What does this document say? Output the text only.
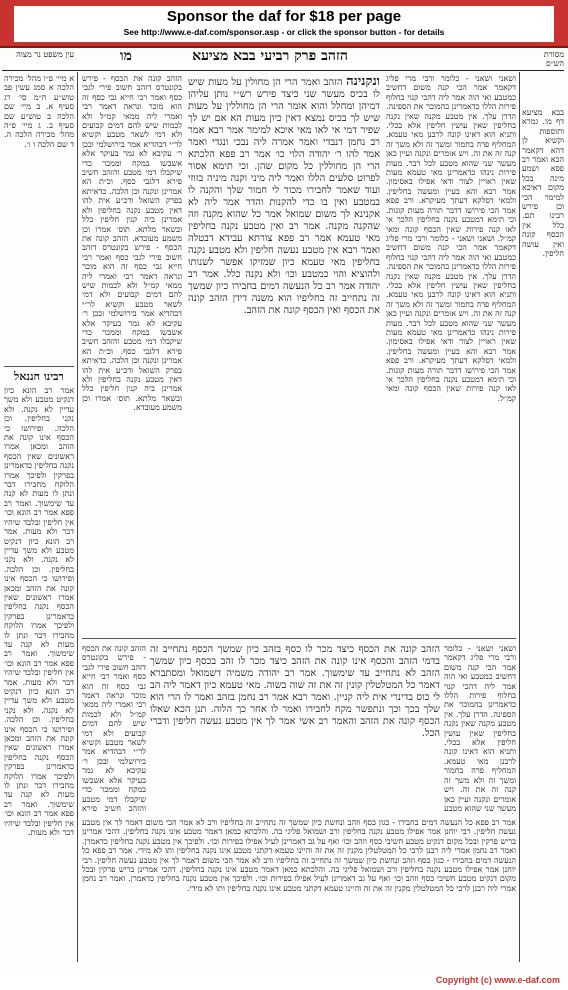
Sponsor the daf for $18 per page
See http://www.e-daf.com/sponsor.asp - or click the sponsor button - for details
עין משפט נר מצוה	מו	הזהב פרק רביעי בבא מציעא	מסורת הש״ס
א מיי׳ פ״ו מהל׳ מכירה הלכה א סמג עשין פב טוש״ע ח״מ סי׳ רג סעיף א. ב מיי׳ שם הלכה ב טוש״ע שם סעיף ב. ג מיי׳ פ״ה מהל׳ מכירה הלכה ה. ד שם הלכה ו ו׳.
רבינו חננאל
אמר רב הונא כיון דנקיט מטבע ולא משך עדיין לא נקנה. ולא נקני בחליפין. וכן הלכה. ופירושו כי הכסף אינו קונה את הזהב ומכאן אמרו ראשונים שאין הכסף נקנה בחליפין כדאמרינן בפרקין ולפיכך אמרו הלוקח מחבירו דבר ונתן לו מעות לא קנה עד שימשוך. ואמר רב פפא אמר רב הונא וכו׳ אין חליפין ובלבד שיהיו דבר ולא מעות. אמר רב הונא כיון דנקיט מטבע ולא משך עדיין לא נקנה. ולא נקני בחליפין. וכן הלכה. ופירושו כי הכסף אינו קונה את הזהב ומכאן אמרו ראשונים שאין הכסף נקנה בחליפין כדאמרינן בפרקין ולפיכך אמרו הלוקח מחבירו דבר ונתן לו מעות לא קנה עד שימשוך. ואמר רב פפא אמר רב הונא וכו׳ אין חליפין ובלבד שיהיו דבר ולא מעות. אמר רב הונא כיון דנקיט מטבע ולא משך עדיין לא נקנה. ולא נקני בחליפין. וכן הלכה. ופירושו כי הכסף אינו קונה את הזהב ומכאן אמרו ראשונים שאין הכסף נקנה בחליפין כדאמרינן בפרקין ולפיכך אמרו הלוקח מחבירו דבר ונתן לו מעות לא קנה עד שימשוך. ואמר רב פפא אמר רב הונא וכו׳ אין חליפין ובלבד שיהיו דבר ולא מעות.
הזהב קונה את הכסף - פירש בקונטרס דזהב חשוב פירי לגבי כסף ואמר רבי חייא גבי כסף זה הוא מוכר ונראה דאמר רבי ואמרי ליה ממאי קמ״ל ולא לכמות שיש להם דמים קבועים ולא דמי לשאר מטבע וקשיא לר״י דבהדיא אמר בירושלמי ובכן ר׳ עקיבא לא גמר בעיקר אלא אשבשו במקח וממכר כדי שיקבלו דמי מטבע והזהב חשיב פירא דלגבי כסף. וכ״ת הא אמרינן ונקנה וכן הלכה. כדאיתא בפרק השואל ודכ״ע אית להו דאין מטבע נקנה בחליפין ולא אמרינן ביה קנין חליפין כלל ובשאר מלתא. תוס׳ אמרו וכן משמע מעובדא. הזהב קונה את הכסף - פירש בקונטרס דזהב חשוב פירי לגבי כסף ואמר רבי חייא גבי כסף זה הוא מוכר ונראה דאמר רבי ואמרי ליה ממאי קמ״ל ולא לכמות שיש להם דמים קבועים ולא דמי לשאר מטבע וקשיא לר״י דבהדיא אמר בירושלמי ובכן ר׳ עקיבא לא גמר בעיקר אלא אשבשו במקח וממכר כדי שיקבלו דמי מטבע והזהב חשיב פירא דלגבי כסף. וכ״ת הא אמרינן ונקנה וכן הלכה. כדאיתא בפרק השואל ודכ״ע אית להו דאין מטבע נקנה בחליפין ולא אמרינן ביה קנין חליפין כלל ובשאר מלתא. תוס׳ אמרו וכן משמע מעובדא.
ונקנינה הזהב ואמר הרי הן מחולין על מעות שיש לו בכיס מעשר שני כיצד פירש רש״י נותן עליהן דמיהן ומחלל והוא אומר הרי הן מחוללין על מעות שיש לך בכיס נמצא דאין כיון מעות הא אם יש לך שפיר דמי אי לאו מאי איכא למימר אמר רבא אמר רב נחמן דנבדי ואמר אמרה ליה נבכי ונגדי ואמר אמר להו ר׳ יהודה הלוי כו׳ אמר רב פפא הלכתא הרי הן מחוללין כל מקום שהן. וכי תימא אסור לפרוט סלעים הללו ואמר ליה מיני וקנה מיניה בזוזי ועוד שאמר לחבירו מכור לי חמור שלך והקנה לו במטבע ואין בו כדי להקנות והדר אמר ליה לא אקנינא לך משום שמואל אמר כל שהוא מקנה וזה שהקנה מקנה. אמר רב ואין מטבע נקנה בחליפין מאי טעמא אמר רב פפא צורתא עבידא דבטלה ואמר רבא אין מטבע נעשה חליפין ולא מטבע נקנה בחליפין מאי טעמא כיון שמזיקו אפשר לשנותו ולהוציא והוי כמטבע וכו׳ ולא נקנה כלל. אמר רב יהודה אמר רב כל הנעשה דמים בחבירו כיון שמשך זה נתחייב זה בחליפיו הוא משנה דידן הזהב קונה את הכסף ואין הכסף קונה את הזהב.
ושאני ושאני - כלומר ורבי מרי פליג דקאמר אמר הכי קנה משום דחשיב כמטבע ואי הוה אמר ליה דהכי קנוי בחלוף פירות הללו כדאמרינן בהמוכר את הספינה. הדרן עלך. אין מטבע מקנה שאין נקנה בחליפין שאין עושין חליפין אלא בכלי. ותניא הוא דאינו קונה לרבנן מאי טעמא. המחליף פרה בחמור ומשך זה ולא משך זה קנה זה את זה. ויש אומרים ונקנה ועיין כאן מעשר שני שהוא מטבע לכל דבר. מעות פירות נינהו כדאמרינן מאי טעמא מעות שאין ראויין לצור ודאי אפילו באסימון. אמר רבא והא בעיין ומעשה בחליפין. ולמאי דסלקא דעתך מעיקרא. ורב פפא אמר הכי פירושו דדבר תורה מעות קונות. וכי תימא דמטבע נקנה בחליפין הלכך אי לאו קנה פירות שאין הכסף קונה ומאי קמ״ל. ושאני ושאני - כלומר ורבי מרי פליג דקאמר אמר הכי קנה משום דחשיב כמטבע ואי הוה אמר ליה דהכי קנוי בחלוף פירות הללו כדאמרינן בהמוכר את הספינה. הדרן עלך. אין מטבע מקנה שאין נקנה בחליפין שאין עושין חליפין אלא בכלי. ותניא הוא דאינו קונה לרבנן מאי טעמא. המחליף פרה בחמור ומשך זה ולא משך זה קנה זה את זה. ויש אומרים ונקנה ועיין כאן מעשר שני שהוא מטבע לכל דבר. מעות פירות נינהו כדאמרינן מאי טעמא מעות שאין ראויין לצור ודאי אפילו באסימון. אמר רבא והא בעיין ומעשה בחליפין. ולמאי דסלקא דעתך מעיקרא. ורב פפא אמר הכי פירושו דדבר תורה מעות קונות. וכי תימא דמטבע נקנה בחליפין הלכך אי לאו קנה פירות שאין הכסף קונה ומאי קמ״ל.
בבא מציעא דף מו. גמרא ותוספות וקשיא לן דהא דקאמר הכא ואמר רב פפא ושמע מינה בכל מקום דאיכא למימר הכי וכן פירש רבינו תם. כלל אין הכסף קונה ואין עושה חליפין.
הזהב קונה את הכסף כיצד מכר לו כסף בזהב כיון שמשך הכסף נתחייב זה בדמי הזהב והכסף אינו קונה את הזהב כיצד מכר לו זהב בכסף כיון שמשך הזהב לא נתחייב עד שימשוך. אמר רב יהודה משמיה דשמואל ומסתברא דאמר כל המטלטלין קונין זה את זה שוה בשוה. מאי טעמא כיון דאמר ליה הב לי כוס בדינרי אית ליה קניין. ואמר רבא אמר רב נחמן בזהב ואמר לו הרי הוא שלך בכך וכך ונתפשר מקח לחבירו ואמר לו אחר כך הלוה. תנן הכא שאלו הכסף קונה את הזהב והאמר רב אשי אמר לך אין מטבע נעשה חליפין ודברי הכל.
הזהב קונה את הכסף - פירש בקונטרס דזהב חשוב פירי לגבי כסף ואמר רבי חייא גבי כסף זה הוא מוכר ונראה דאמר רבי ואמרי ליה ממאי קמ״ל ולא לכמות שיש להם דמים קבועים ולא דמי לשאר מטבע וקשיא לר״י דבהדיא אמר בירושלמי ובכן ר׳ עקיבא לא גמר בעיקר אלא אשבשו במקח וממכר כדי שיקבלו דמי מטבע והזהב חשיב פירא
ושאני ושאני - כלומר ורבי מרי פליג דקאמר אמר הכי קנה משום דחשיב כמטבע ואי הוה אמר ליה דהכי קנוי בחלוף פירות הללו כדאמרינן בהמוכר את הספינה. הדרן עלך. אין מטבע מקנה שאין נקנה בחליפין שאין עושין חליפין אלא בכלי. ותניא הוא דאינו קונה לרבנן מאי טעמא. המחליף פרה בחמור ומשך זה ולא משך זה קנה זה את זה. ויש אומרים ונקנה ועיין כאן מעשר שני שהוא מטבע
אמר רב פפא כל הנעשה דמים בחבירו - כגון כסף וזהב ונחשת כיון שמשך זה נתחייב זה בחליפיו ורב לא אמר הכי משום דאמר לך אין מטבע נעשה חליפין. רבי יוחנן אמר אפילו מטבע נקנה בחליפין ורב ושמואל פליגי בה. והלכתא כמאן דאמר מטבע אינו נקנה בחליפין. דהכי אמרינן בריש פרקין ובכל מקום דנקיט מטבע חשיבי כסף וזהב וכו׳ ואף על גב דאמרינן לעיל אפילו בפירות וכו׳. ולפיכך אין מטבע נקנה בחליפין כדאמרן. ואמר רב נחמן אמרי ליה רבנן לרבי כל המטלטלין מקנין זה את זה והיינו טעמא דקתני מטבע אינו נקנה בחליפין ותו לא מידי. אמר רב פפא כל הנעשה דמים בחבירו - כגון כסף וזהב ונחשת כיון שמשך זה נתחייב זה בחליפיו ורב לא אמר הכי משום דאמר לך אין מטבע נעשה חליפין. רבי יוחנן אמר אפילו מטבע נקנה בחליפין ורב ושמואל פליגי בה. והלכתא כמאן דאמר מטבע אינו נקנה בחליפין. דהכי אמרינן בריש פרקין ובכל מקום דנקיט מטבע חשיבי כסף וזהב וכו׳ ואף על גב דאמרינן לעיל אפילו בפירות וכו׳. ולפיכך אין מטבע נקנה בחליפין כדאמרן. ואמר רב נחמן אמרי ליה רבנן לרבי כל המטלטלין מקנין זה את זה והיינו טעמא דקתני מטבע אינו נקנה בחליפין ותו לא מידי.
Copyright (c) www.e-daf.com
